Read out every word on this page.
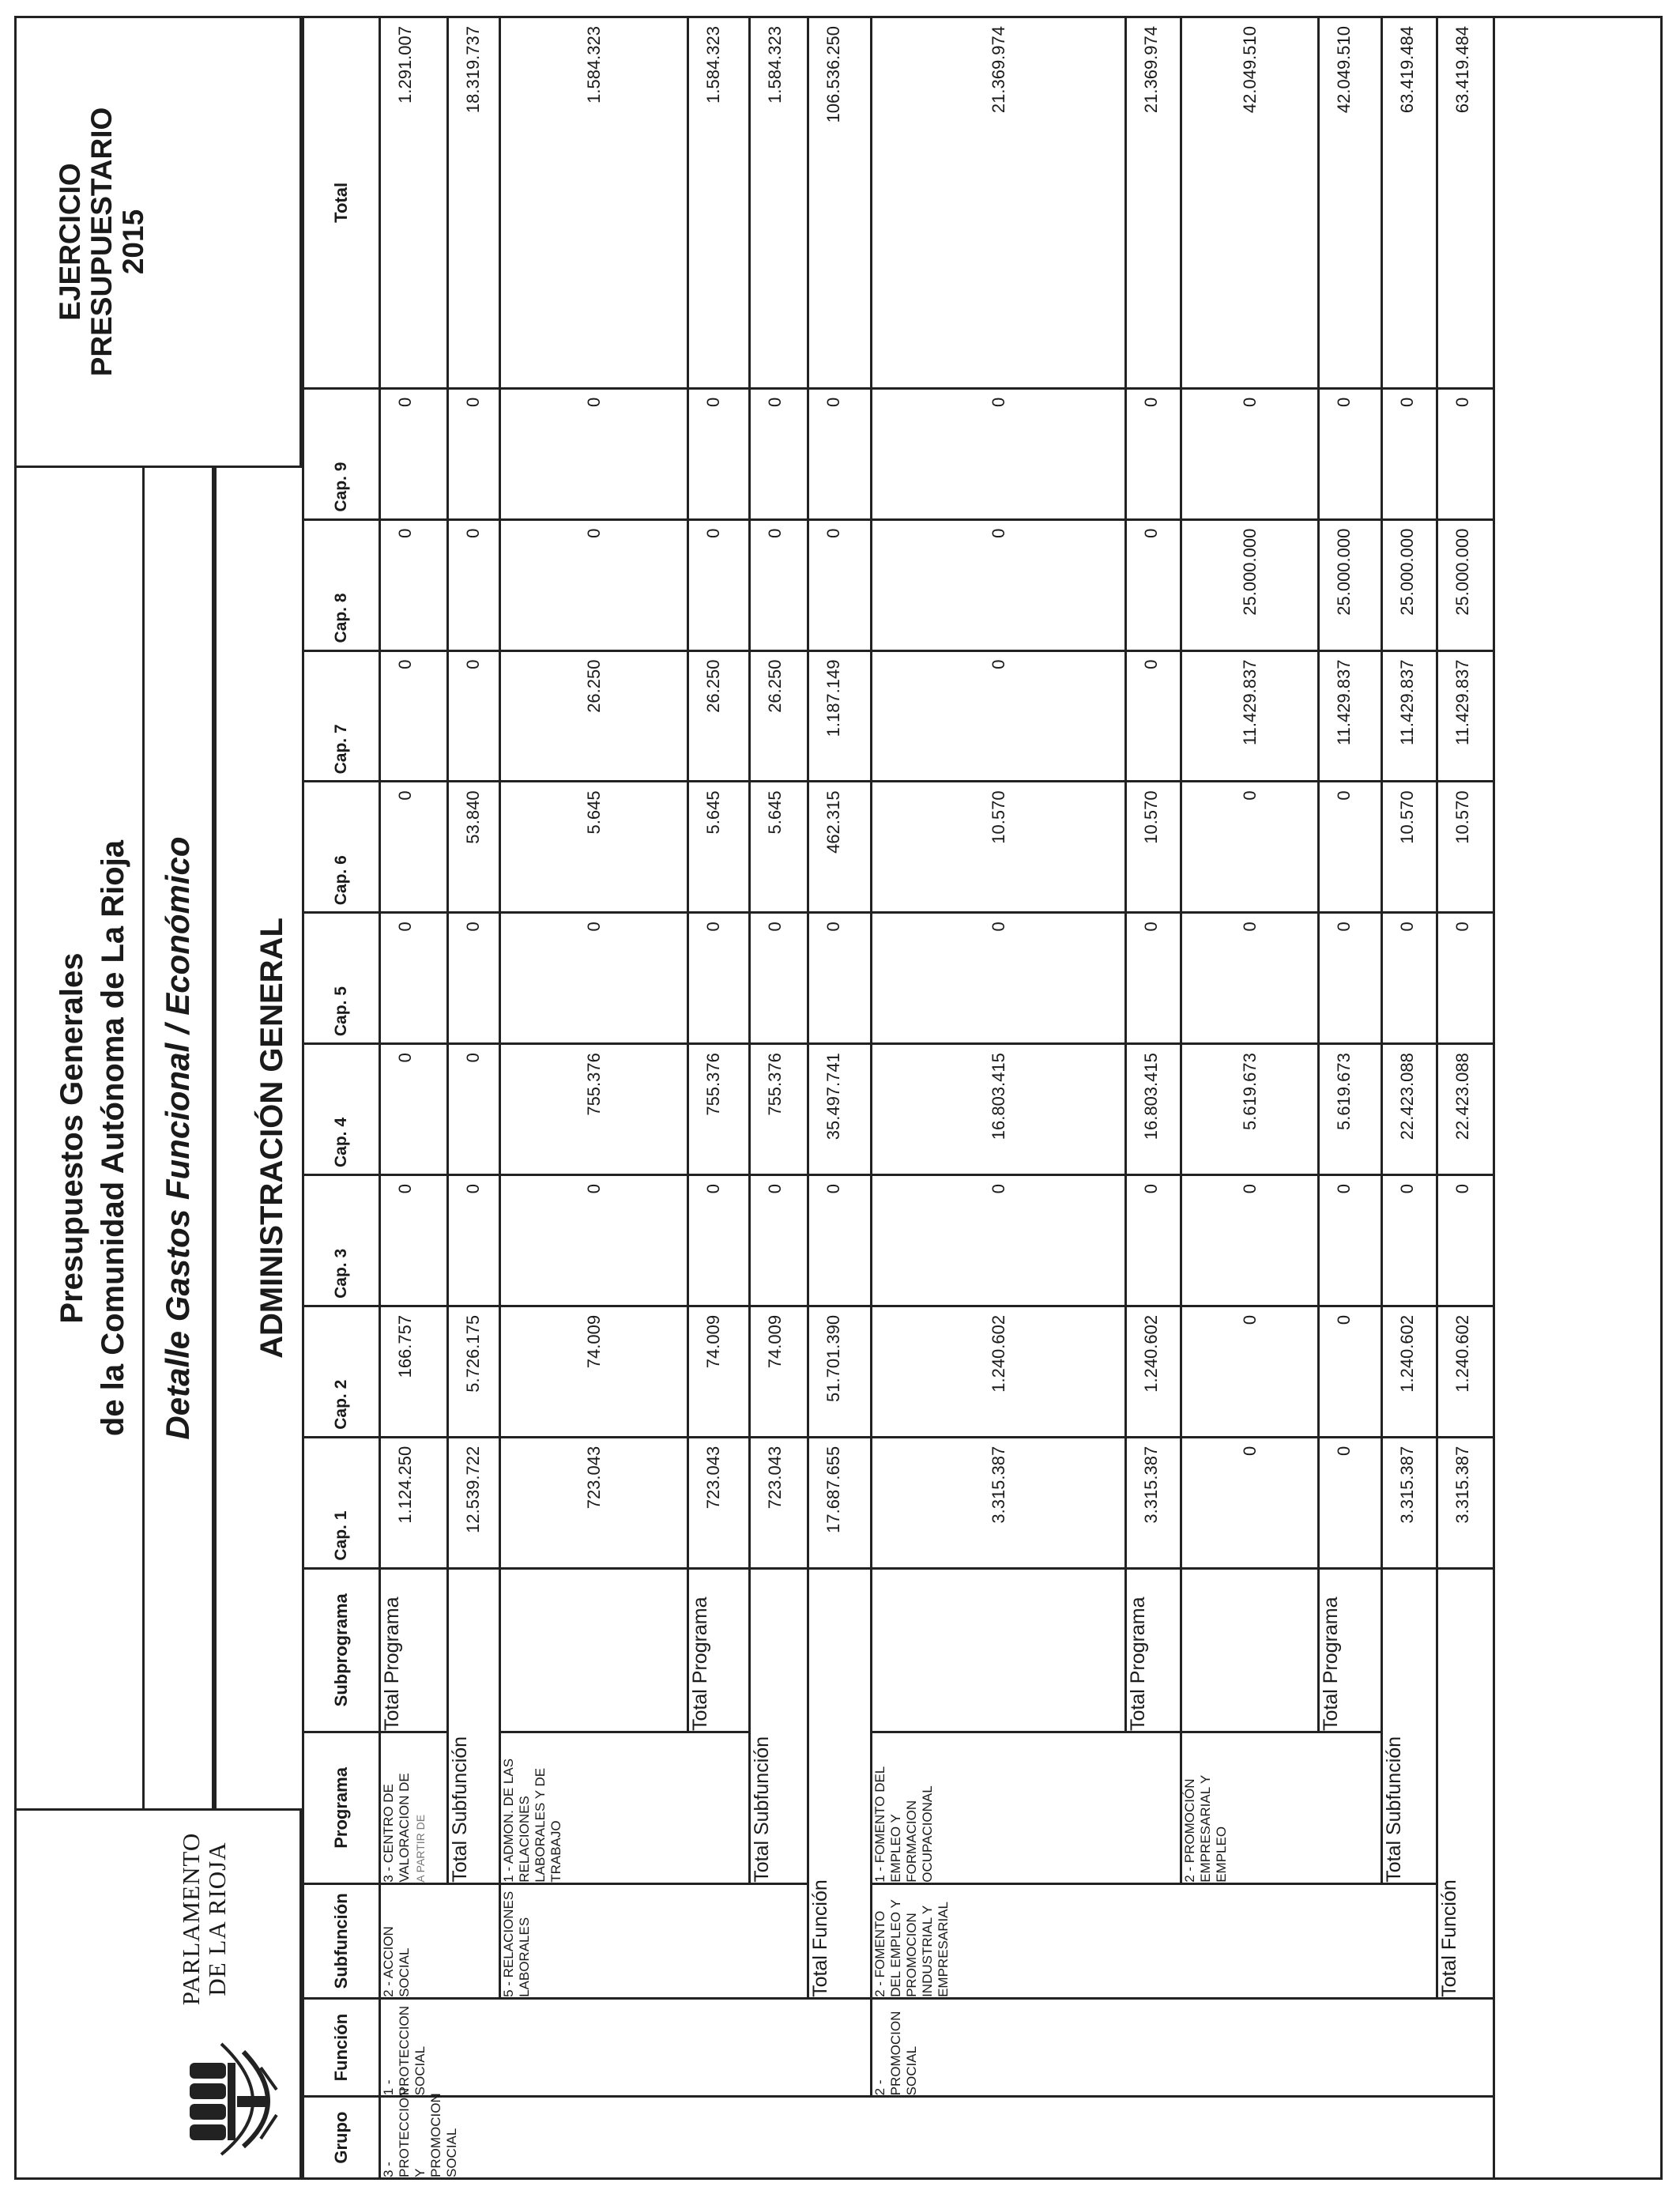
PARLAMENTO
DE LA RIOJA
Presupuestos Generales de la Comunidad Autónoma de La Rioja Detalle Gastos Funcional / Económico
EJERCICIO PRESUPUESTARIO 2015
ADMINISTRACIÓN GENERAL
Grupo	Función	Subfunción	Programa	Subprograma	Cap. 1	Cap. 2	Cap. 3	Cap. 4	Cap. 5	Cap. 6	Cap. 7	Cap. 8	Cap. 9	Total
3 - PROTECCION Y PROMOCION SOCIAL	1 - PROTECCION SOCIAL	2 - ACCION SOCIAL	3 - CENTRO DE VALORACION DE A PARTIR DE	Total Programa	1.124.250	166.757	0	0	0	0	0	0	0	1.291.007
			Total Subfunción		12.539.722	5.726.175	0	0	0	53.840	0	0	0	18.319.737
		5 - RELACIONES LABORALES	1 - ADMON. DE LAS RELACIONES LABORALES Y DE TRABAJO		723.043	74.009	0	755.376	0	5.645	26.250	0	0	1.584.323
				Total Programa	723.043	74.009	0	755.376	0	5.645	26.250	0	0	1.584.323
			Total Subfunción		723.043	74.009	0	755.376	0	5.645	26.250	0	0	1.584.323
		Total Función			17.687.655	51.701.390	0	35.497.741	0	462.315	1.187.149	0	0	106.536.250
	2 - PROMOCION SOCIAL	2 - FOMENTO DEL EMPLEO Y PROMOCION INDUSTRIAL Y EMPRESARIAL	1 - FOMENTO DEL EMPLEO Y FORMACION OCUPACIONAL		3.315.387	1.240.602	0	16.803.415	0	10.570	0	0	0	21.369.974
				Total Programa	3.315.387	1.240.602	0	16.803.415	0	10.570	0	0	0	21.369.974
			2 - PROMOCIÓN EMPRESARIAL Y EMPLEO		0	0	0	5.619.673	0	0	11.429.837	25.000.000	0	42.049.510
				Total Programa	0	0	0	5.619.673	0	0	11.429.837	25.000.000	0	42.049.510
			Total Subfunción		3.315.387	1.240.602	0	22.423.088	0	10.570	11.429.837	25.000.000	0	63.419.484
		Total Función			3.315.387	1.240.602	0	22.423.088	0	10.570	11.429.837	25.000.000	0	63.419.484
